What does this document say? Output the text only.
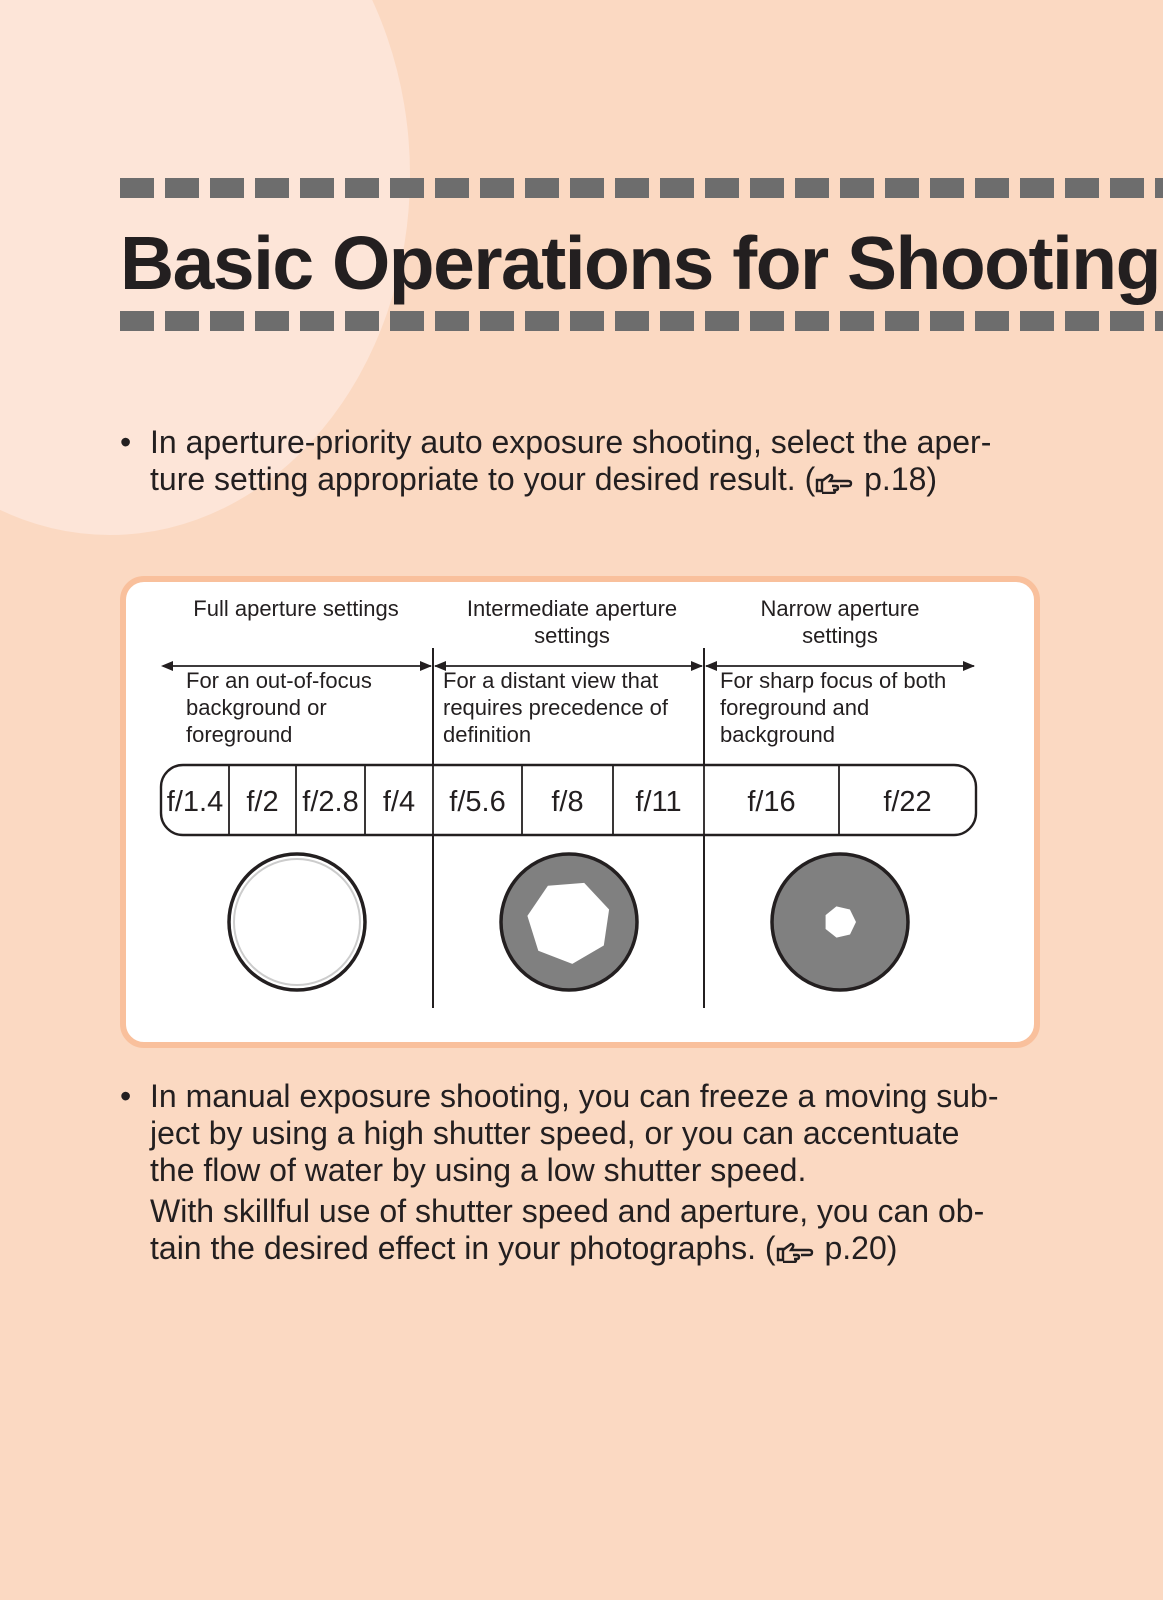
Basic Operations for Shooting
• In aperture-priority auto exposure shooting, select the aper-
ture setting appropriate to your desired result. ( p.18)
Full aperture settings
For an out-of-focus
background or
foreground
Intermediate aperture
settings
For a distant view that
requires precedence of
definition
Narrow aperture
settings
For sharp focus of both
foreground and
background
f/1.4 f/2 f/2.8 f/4 f/5.6 f/8 f/11 f/16	f/22
• In manual exposure shooting, you can freeze a moving sub-
ject by using a high shutter speed, or you can accentuate
the flow of water by using a low shutter speed.
With skillful use of shutter speed and aperture, you can ob-
tain the desired effect in your photographs. ( p.20)
